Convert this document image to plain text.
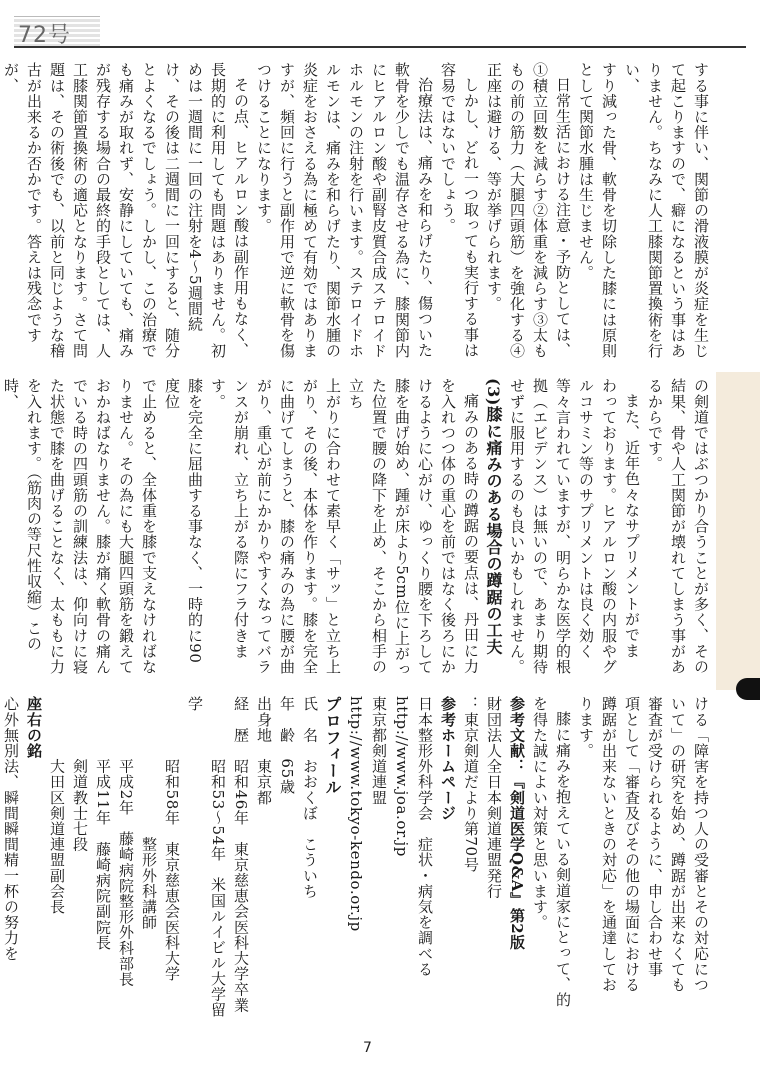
72号

する事に伴い、関節の滑液膜が炎症を生じ

て起こりますので、癖になるという事はあ

りません。ちなみに人工膝関節置換術を行い、

すり減った骨、軟骨を切除した膝には原則

として関節水腫は生じません。

日常生活における注意・予防としては、

①積立回数を減らす②体重を減らす③太も

もの前の筋力（大腿四頭筋）を強化する④

正座は避ける、等が挙げられます。

しかし、どれ一つ取っても実行する事は

容易ではないでしょう。

治療法は、痛みを和らげたり、傷ついた

軟骨を少しでも温存させる為に、膝関節内

にヒアルロン酸や副腎皮質合成ステロイド

ホルモンの注射を行います。ステロイドホ

ルモンは、痛みを和らげたり、関節水腫の

炎症をおさえる為に極めて有効ではありま

すが、頻回に行うと副作用で逆に軟骨を傷

つけることになります。

その点、ヒアルロン酸は副作用もなく、

長期的に利用しても問題はありません。初

めは一週間に一回の注射を4〜5週間続

け、その後は二週間に一回にすると、随分

とよくなるでしょう。しかし、この治療で

も痛みが取れず、安静にしていても、痛み

が残存する場合の最終的手段としては、人

工膝関節置換術の適応となります。さて問

題は、その術後でも、以前と同じような稽

古が出来るか否かです。答えは残念ですが、

の剣道ではぶつかり合うことが多く、その

結果、骨や人工関節が壊れてしまう事があ

るからです。

また、近年色々なサプリメントがでま

わっております。ヒアルロン酸の内服やグ

ルコサミン等のサプリメントは良く効く

等々言われていますが、明らかな医学的根

拠（エビデンス）は無いので、あまり期待

せずに服用するのも良いかもしれません。

(3)膝に痛みのある場合の蹲踞の工夫

痛みのある時の蹲踞の要点は、丹田に力

を入れつつ体の重心を前ではなく後ろにか

けるように心がけ、ゆっくり腰を下ろして

膝を曲げ始め、踵が床より5cm位に上がっ

た位置で腰の降下を止め、そこから相手の立ち

上がりに合わせて素早く「サッ」と立ち上

がり、その後、本体を作ります。膝を完全

に曲げてしまうと、膝の痛みの為に腰が曲

がり、重心が前にかかりやすくなってバラ

ンスが崩れ、立ち上がる際にフラ付きます。

膝を完全に屈曲する事なく、一時的に90度位

で止めると、全体重を膝で支えなければな

りません。その為にも大腿四頭筋を鍛えて

おかねばなりません。膝が痛く軟骨の痛ん

でいる時の四頭筋の訓練法は、仰向けに寝

た状態で膝を曲げることなく、太ももに力

を入れます。（筋肉の等尺性収縮）この時、

ける「障害を持つ人の受審とその対応につ

いて」の研究を始め、蹲踞が出来なくても

審査が受けられるように、申し合わせ事

項として「審査及びその他の場面における

蹲踞が出来ないときの対応」を通達してお

ります。

膝に痛みを抱えている剣道家にとって、的

を得た誠によい対策と思います。

参考文献：『剣道医学Q&A』第2版

財団法人全日本剣道連盟発行

：東京剣道だより第70号

参考ホームページ

日本整形外科学会　症状・病気を調べる

http://www.joa.or.jp

東京都剣道連盟

http://www.tokyo-kendo.or.jp

プロフィール

氏　名　おおくぼ　こういち

年　齢　65歳

出身地　東京都

経　歴　昭和46年　東京慈恵会医科大学卒業

　　　　昭和53〜54年　米国ルイビル大学留学

　　　　昭和58年　東京慈恵会医科大学

　　　　　　　　　整形外科講師

　　　　平成2年　藤崎病院整形外科部長

　　　　平成11年　藤崎病院副院長

　　　　剣道教士七段

　　　　大田区剣道連盟副会長

座右の銘

心外無別法、瞬間瞬間精一杯の努力を

7
